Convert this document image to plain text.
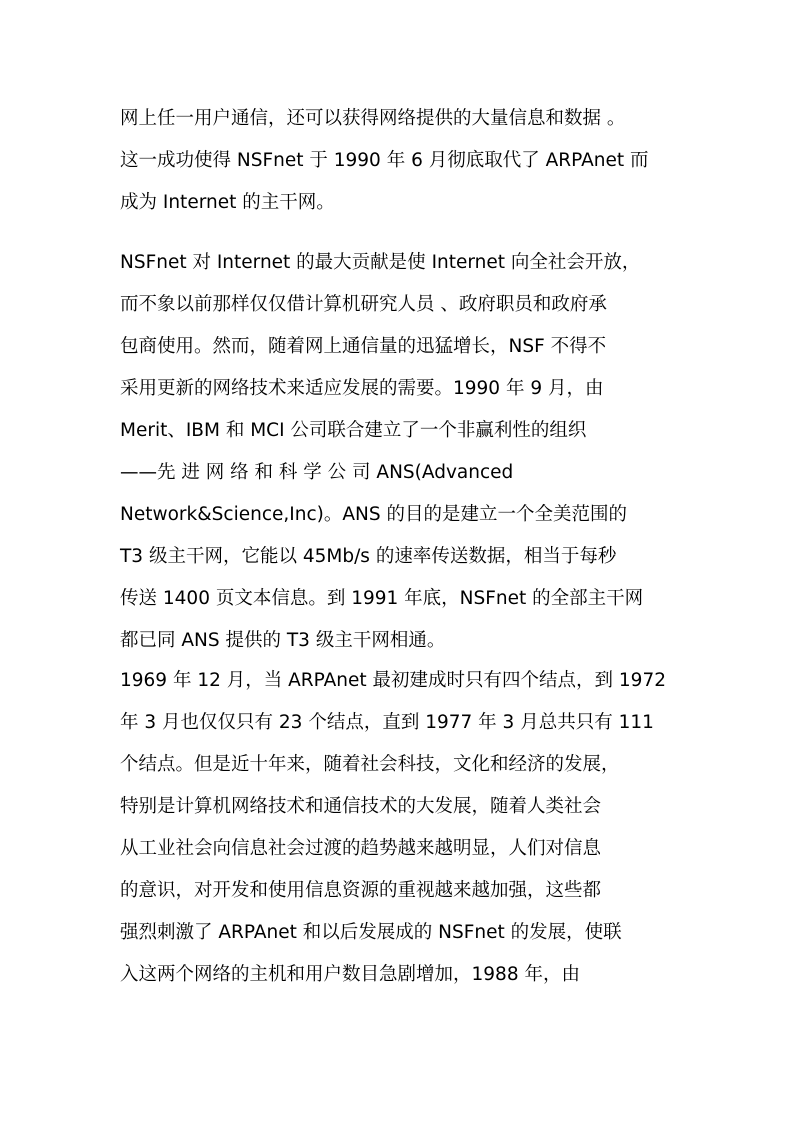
网上任一用户通信，还可以获得网络提供的大量信息和数据 。
这一成功使得 NSFnet 于 1990 年 6 月彻底取代了 ARPAnet 而
成为 Internet 的主干网。
NSFnet 对 Internet 的最大贡献是使 Internet 向全社会开放，
而不象以前那样仅仅借计算机研究人员 、政府职员和政府承
包商使用。然而，随着网上通信量的迅猛增长，NSF 不得不
采用更新的网络技术来适应发展的需要。1990 年 9 月，由
Merit、IBM 和 MCI 公司联合建立了一个非赢利性的组织
——先 进 网 络 和 科 学 公 司 ANS(Advanced
Network&Science,Inc)。ANS 的目的是建立一个全美范围的
T3 级主干网，它能以 45Mb/s 的速率传送数据，相当于每秒
传送 1400 页文本信息。到 1991 年底，NSFnet 的全部主干网
都已同 ANS 提供的 T3 级主干网相通。
1969 年 12 月，当 ARPAnet 最初建成时只有四个结点，到 1972
年 3 月也仅仅只有 23 个结点，直到 1977 年 3 月总共只有 111
个结点。但是近十年来，随着社会科技，文化和经济的发展，
特别是计算机网络技术和通信技术的大发展，随着人类社会
从工业社会向信息社会过渡的趋势越来越明显，人们对信息
的意识，对开发和使用信息资源的重视越来越加强，这些都
强烈刺激了 ARPAnet 和以后发展成的 NSFnet 的发展，使联
入这两个网络的主机和用户数目急剧增加，1988 年，由
